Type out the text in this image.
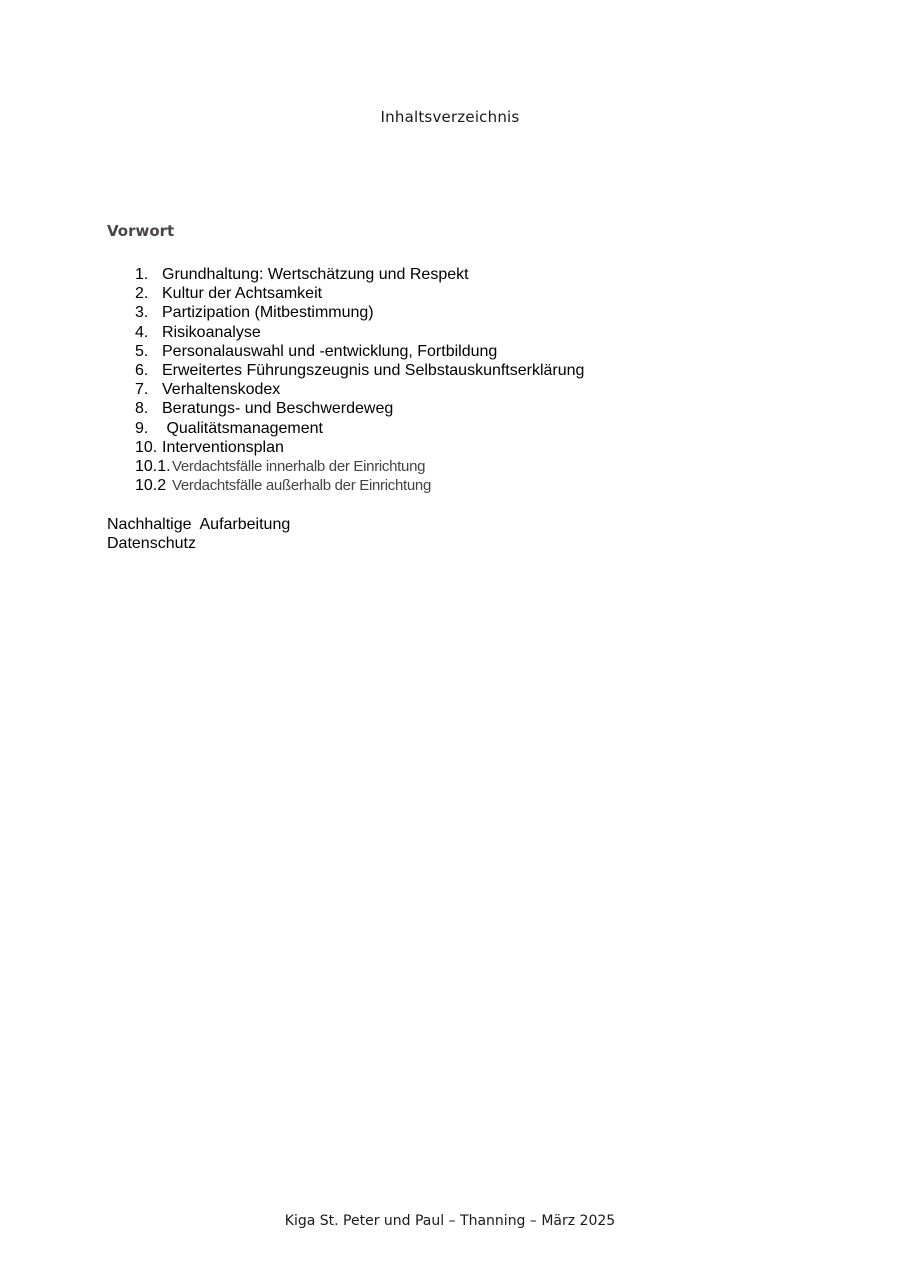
Inhaltsverzeichnis
Vorwort
1. Grundhaltung: Wertschätzung und Respekt
2. Kultur der Achtsamkeit
3. Partizipation (Mitbestimmung)
4. Risikoanalyse
5. Personalauswahl und -entwicklung, Fortbildung
6. Erweitertes Führungszeugnis und Selbstauskunftserklärung
7. Verhaltenskodex
8. Beratungs- und Beschwerdeweg
9. Qualitätsmanagement
10. Interventionsplan
10.1. Verdachtsfälle innerhalb der Einrichtung
10.2 Verdachtsfälle außerhalb der Einrichtung
Nachhaltige  Aufarbeitung
Datenschutz
Kiga St. Peter und Paul – Thanning – März 2025
